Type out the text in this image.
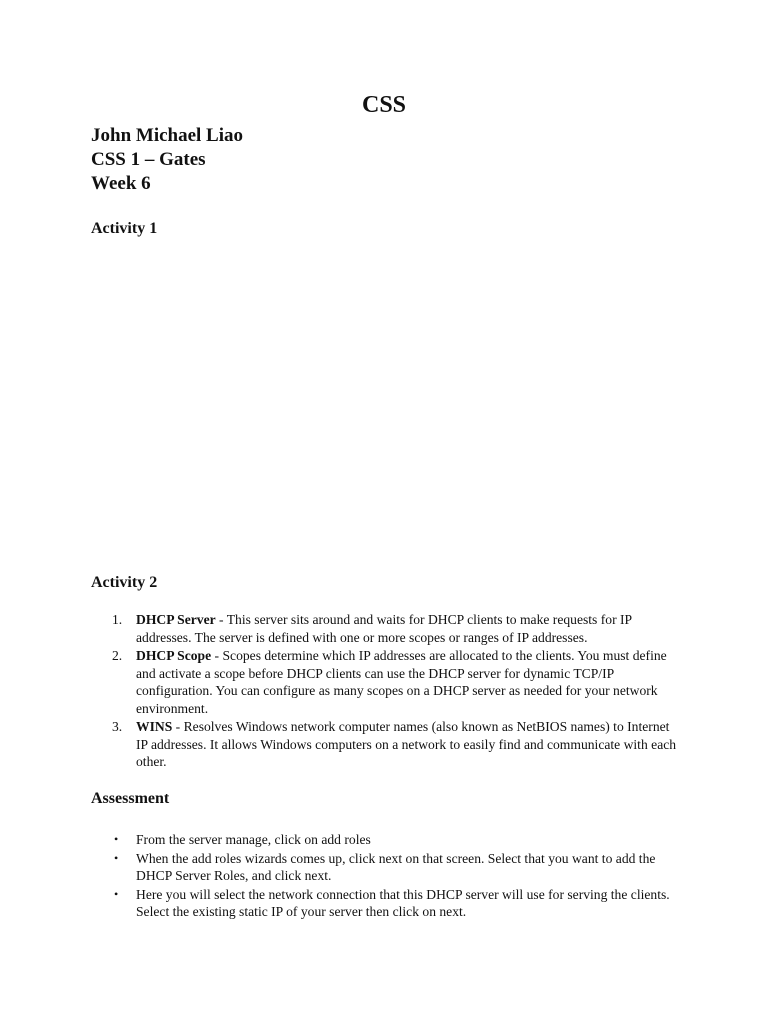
CSS
John Michael Liao
CSS 1 – Gates
Week 6
Activity 1
Activity 2
1. DHCP Server - This server sits around and waits for DHCP clients to make requests for IP addresses. The server is defined with one or more scopes or ranges of IP addresses.
2. DHCP Scope - Scopes determine which IP addresses are allocated to the clients. You must define and activate a scope before DHCP clients can use the DHCP server for dynamic TCP/IP configuration. You can configure as many scopes on a DHCP server as needed for your network environment.
3. WINS - Resolves Windows network computer names (also known as NetBIOS names) to Internet IP addresses. It allows Windows computers on a network to easily find and communicate with each other.
Assessment
• From the server manage, click on add roles
• When the add roles wizards comes up, click next on that screen. Select that you want to add the DHCP Server Roles, and click next.
• Here you will select the network connection that this DHCP server will use for serving the clients. Select the existing static IP of your server then click on next.
